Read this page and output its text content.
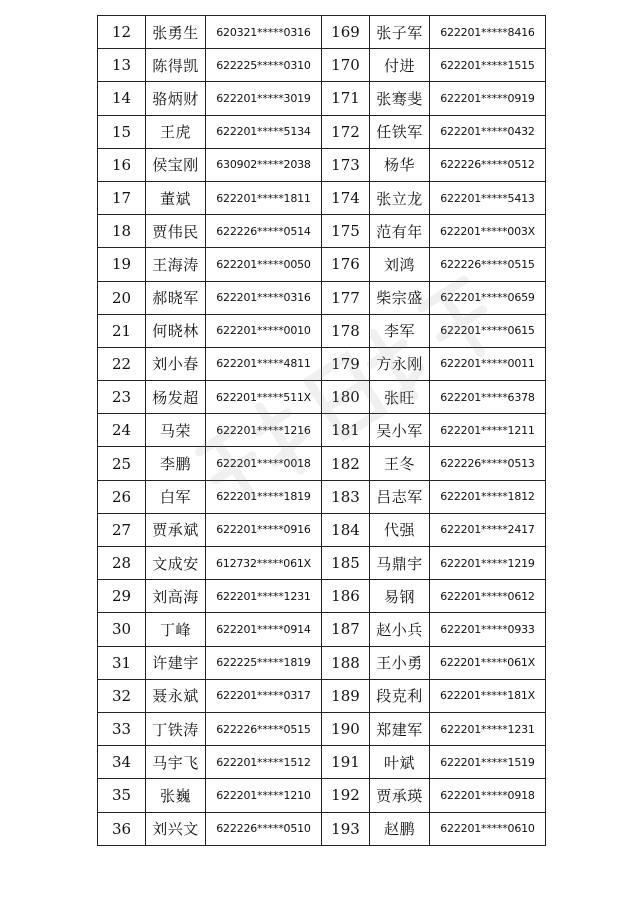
12	张勇生	620321*****0316	169	张子军	622201*****8416
13	陈得凯	622225*****0310	170	付进	622201*****1515
14	骆炳财	622201*****3019	171	张骞斐	622201*****0919
15	王虎	622201*****5134	172	任铁军	622201*****0432
16	侯宝刚	630902*****2038	173	杨华	622226*****0512
17	董斌	622201*****1811	174	张立龙	622201*****5413
18	贾伟民	622226*****0514	175	范有年	622201*****003X
19	王海涛	622201*****0050	176	刘鸿	622226*****0515
20	郝晓军	622201*****0316	177	柴宗盛	622201*****0659
21	何晓林	622201*****0010	178	李军	622201*****0615
22	刘小春	622201*****4811	179	方永刚	622201*****0011
23	杨发超	622201*****511X	180	张旺	622201*****6378
24	马荣	622201*****1216	181	吴小军	622201*****1211
25	李鹏	622201*****0018	182	王冬	622226*****0513
26	白军	622201*****1819	183	吕志军	622201*****1812
27	贾承斌	622201*****0916	184	代强	622201*****2417
28	文成安	612732*****061X	185	马鼎宇	622201*****1219
29	刘高海	622201*****1231	186	易钢	622201*****0612
30	丁峰	622201*****0914	187	赵小兵	622201*****0933
31	许建宇	622225*****1819	188	王小勇	622201*****061X
32	聂永斌	622201*****0317	189	段克利	622201*****181X
33	丁铁涛	622226*****0515	190	郑建军	622201*****1231
34	马宇飞	622201*****1512	191	叶斌	622201*****1519
35	张巍	622201*****1210	192	贾承瑛	622201*****0918
36	刘兴文	622226*****0510	193	赵鹏	622201*****0610
